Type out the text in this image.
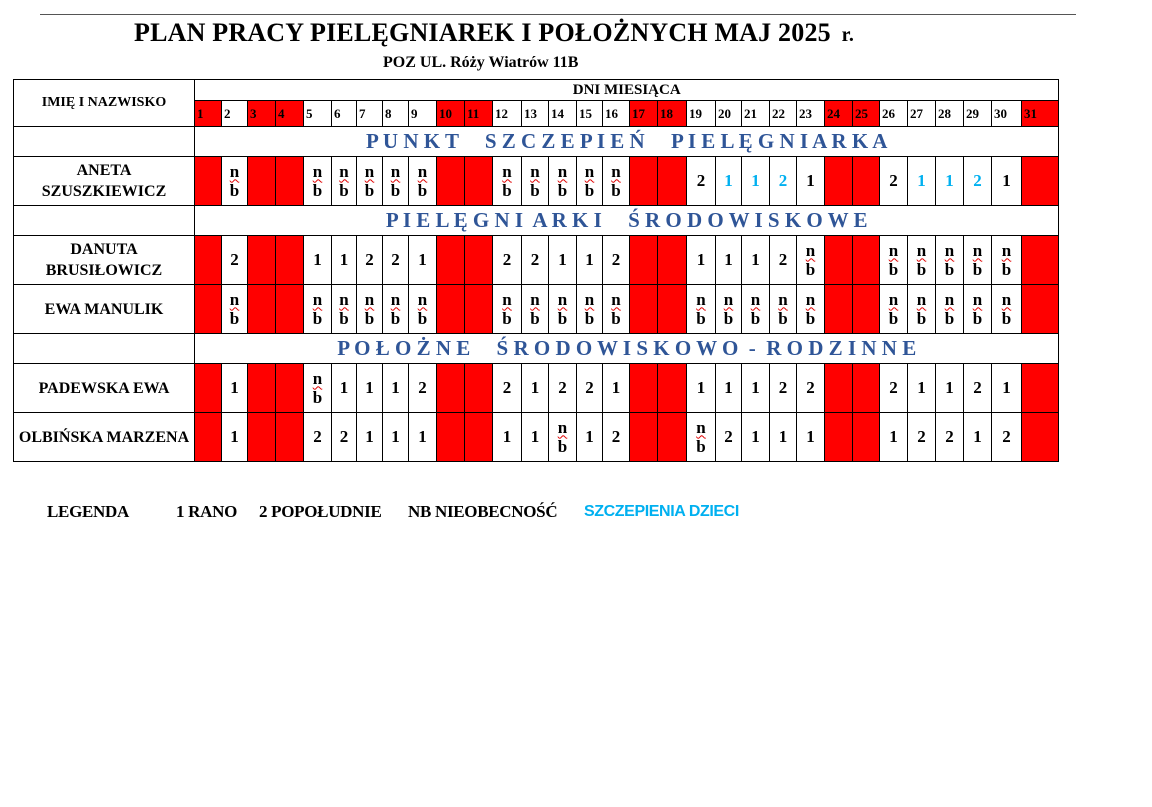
PLAN PRACY PIELĘGNIAREK I POŁOŻNYCH MAJ 2025 r.
POZ UL. Róży Wiatrów 11B
IMIĘ I NAZWISKO	DNI MIESIĄCA																														
	1	2	3	4	5	6	7	8	9	10	11	12	13	14	15	16	17	18	19	20	21	22	23	24	25	26	27	28	29	30	31
	P U N K T     S Z C Z E P I E Ń     P I E L Ę G N I A R K A																														
ANETA SZUSZKIEWICZ		$\frac{n}{b}$			$\frac{n}{b}$	$\frac{n}{b}$	$\frac{n}{b}$	$\frac{n}{b}$	$\frac{n}{b}$			$\frac{n}{b}$	$\frac{n}{b}$	$\frac{n}{b}$	$\frac{n}{b}$	$\frac{n}{b}$			2	1	1	2	1			2	1	1	2	1	
	P I E L Ę G N I  A R K I     Ś R O D O W I S K O W E																														
DANUTA BRUSIŁOWICZ		2			1	1	2	2	1			2	2	1	1	2			1	1	1	2	$\frac{n}{b}$			$\frac{n}{b}$	$\frac{n}{b}$	$\frac{n}{b}$	$\frac{n}{b}$	$\frac{n}{b}$

EWA MANULIK		$\frac{n}{b}$			$\frac{n}{b}$	$\frac{n}{b}$	$\frac{n}{b}$	$\frac{n}{b}$	$\frac{n}{b}$			$\frac{n}{b}$	$\frac{n}{b}$	$\frac{n}{b}$	$\frac{n}{b}$	$\frac{n}{b}$			$\frac{n}{b}$	$\frac{n}{b}$	$\frac{n}{b}$	$\frac{n}{b}$	$\frac{n}{b}$			$\frac{n}{b}$	$\frac{n}{b}$	$\frac{n}{b}$	$\frac{n}{b}$	$\frac{n}{b}$

	P O Ł O Ż N E     Ś R O D O W I S K O W O  -  R O D Z I N N E																														
PADEWSKA EWA		1			$\frac{n}{b}$	1	1	1	2			2	1	2	2	1			1	1	1	2	2			2	1	1	2	1	
OLBIŃSKA MARZENA		1			2	2	1	1	1			1	1	$\frac{n}{b}$	1	2			$\frac{n}{b}$	2	1	1	1			1	2	2	1	2	
LEGENDA	1 RANO 2 POPOŁUDNIE NB NIEOBECNOŚĆ SZCZEPIENIA DZIECI
